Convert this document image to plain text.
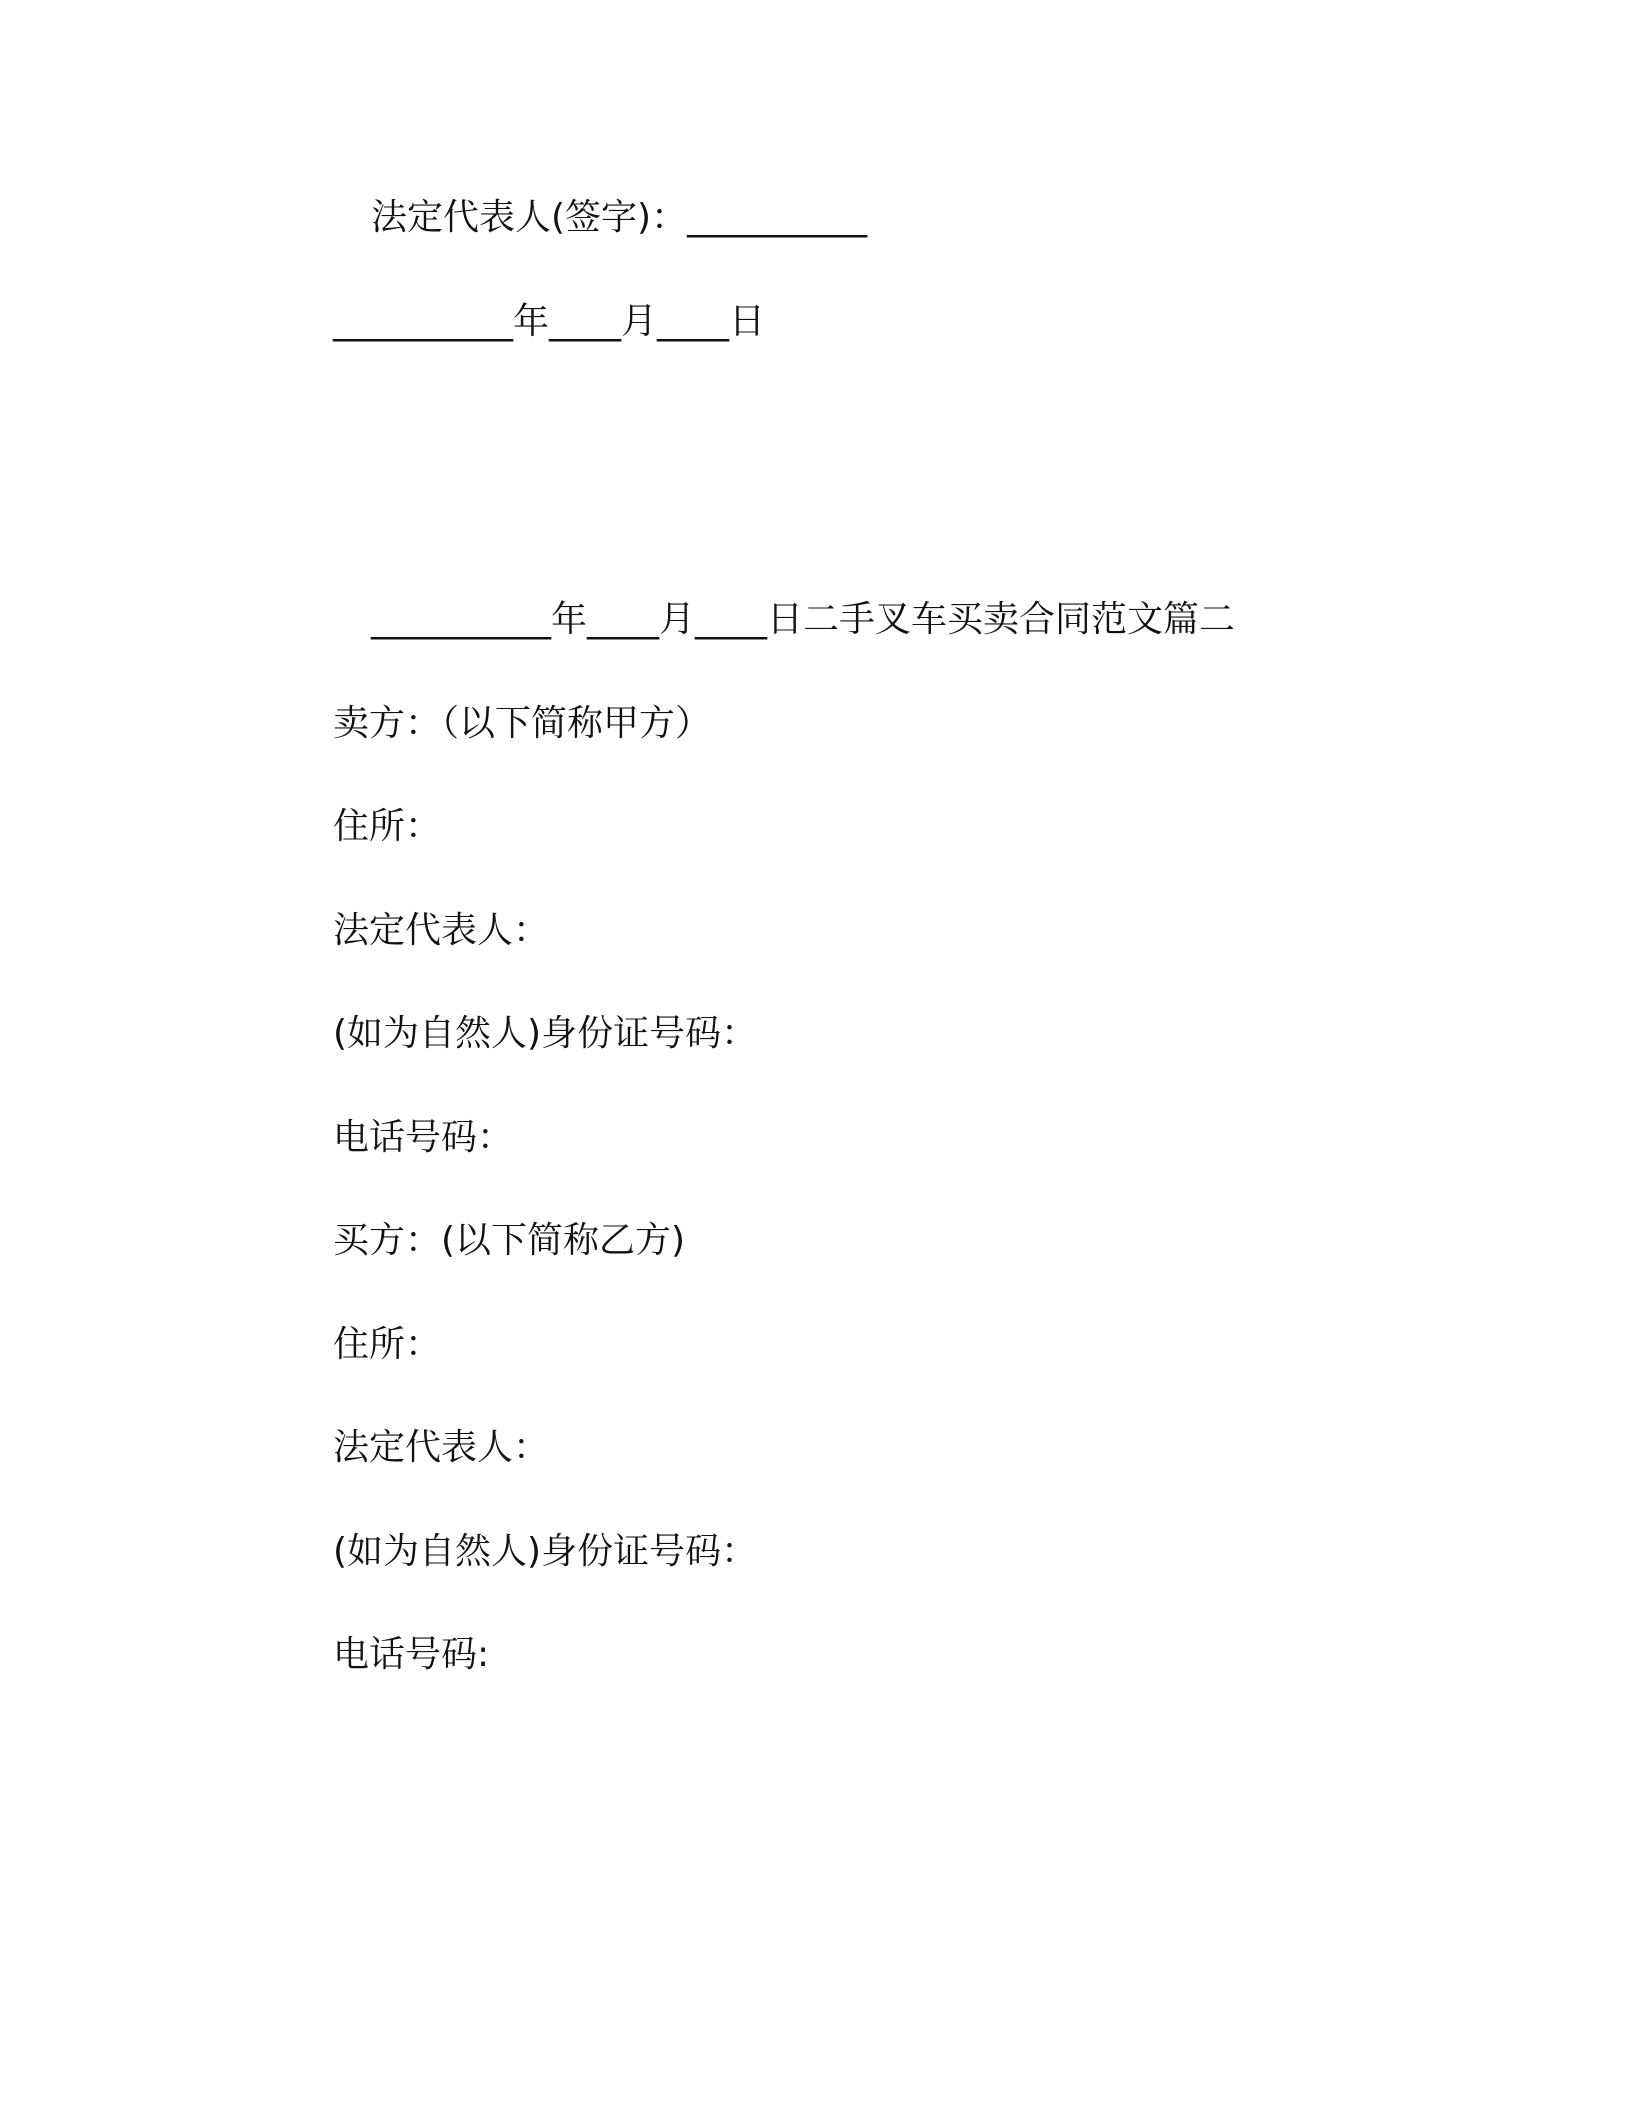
法定代表人(签字)：__________
__________年____月____日
__________年____月____日二手叉车买卖合同范文篇二
卖方：（以下简称甲方）
住所：
法定代表人：
(如为自然人)身份证号码：
电话号码：
买方：(以下简称乙方)
住所：
法定代表人：
(如为自然人)身份证号码：
电话号码:
